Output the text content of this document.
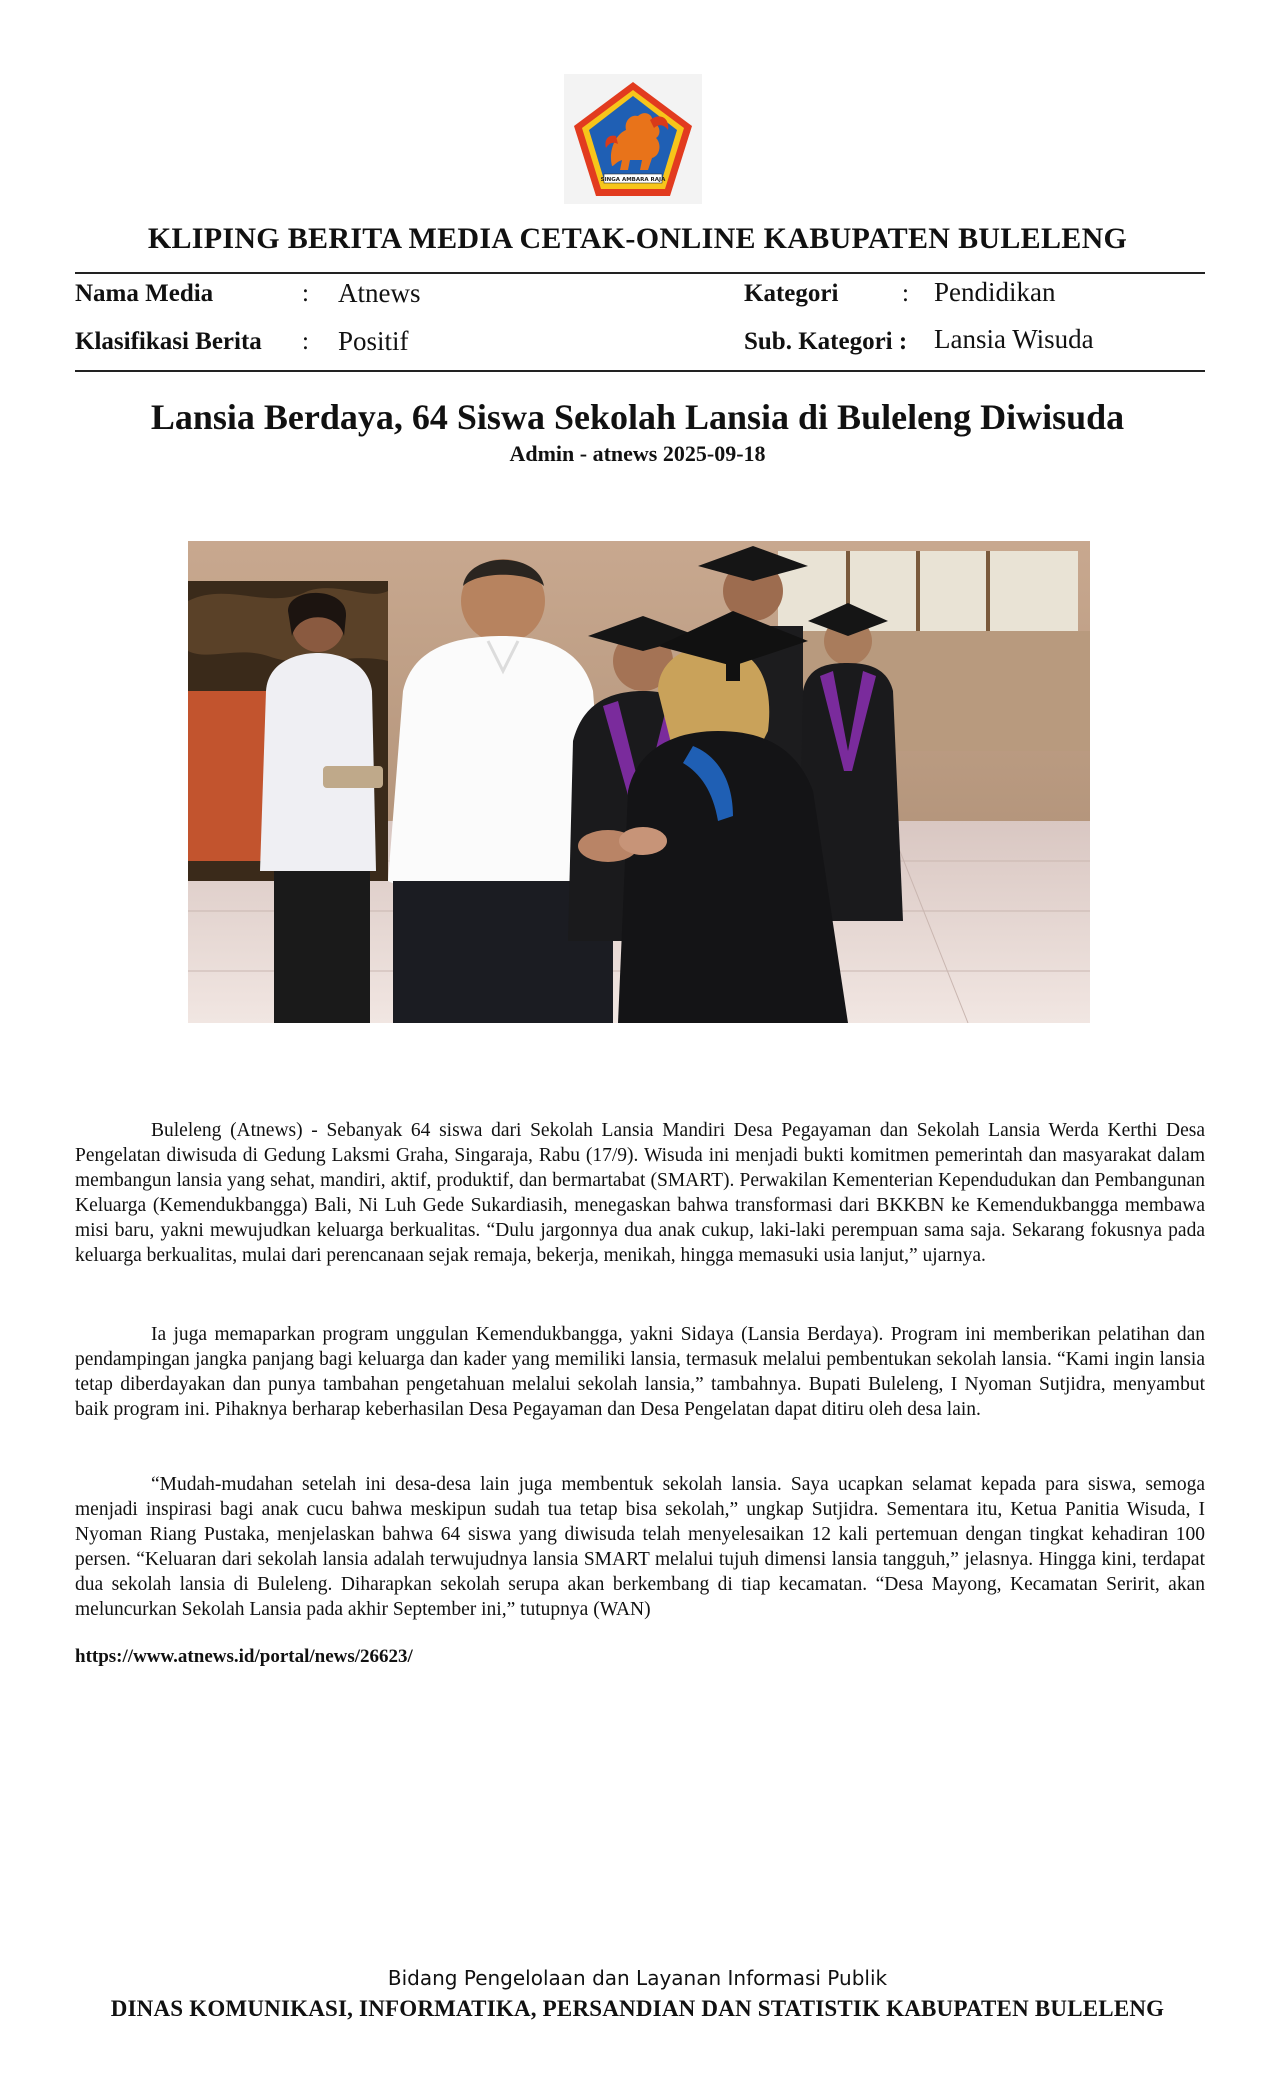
SINGA AMBARA RAJA
KLIPING BERITA MEDIA CETAK-ONLINE KABUPATEN BULELENG
Nama Media	: Atnews	Kategori	: Pendidikan
Klasifikasi Berita : Positif	Sub. Kategori : Lansia Wisuda
Lansia Berdaya, 64 Siswa Sekolah Lansia di Buleleng Diwisuda
Admin - atnews 2025-09-18

Buleleng (Atnews) - Sebanyak 64 siswa dari Sekolah Lansia Mandiri Desa Pegayaman dan Sekolah Lansia Werda Kerthi Desa Pengelatan diwisuda di Gedung Laksmi Graha, Singaraja, Rabu (17/9). Wisuda ini menjadi bukti komitmen pemerintah dan masyarakat dalam membangun lansia yang sehat, mandiri, aktif, produktif, dan bermartabat (SMART). Perwakilan Kementerian Kependudukan dan Pembangunan Keluarga (Kemendukbangga) Bali, Ni Luh Gede Sukardiasih, menegaskan bahwa transformasi dari BKKBN ke Kemendukbangga membawa misi baru, yakni mewujudkan keluarga berkualitas. “Dulu jargonnya dua anak cukup, laki-laki perempuan sama saja. Sekarang fokusnya pada keluarga berkualitas, mulai dari perencanaan sejak remaja, bekerja, menikah, hingga memasuki usia lanjut,” ujarnya.

Ia juga memaparkan program unggulan Kemendukbangga, yakni Sidaya (Lansia Berdaya). Program ini memberikan pelatihan dan pendampingan jangka panjang bagi keluarga dan kader yang memiliki lansia, termasuk melalui pembentukan sekolah lansia. “Kami ingin lansia tetap diberdayakan dan punya tambahan pengetahuan melalui sekolah lansia,” tambahnya. Bupati Buleleng, I Nyoman Sutjidra, menyambut baik program ini. Pihaknya berharap keberhasilan Desa Pegayaman dan Desa Pengelatan dapat ditiru oleh desa lain.

“Mudah-mudahan setelah ini desa-desa lain juga membentuk sekolah lansia. Saya ucapkan selamat kepada para siswa, semoga menjadi inspirasi bagi anak cucu bahwa meskipun sudah tua tetap bisa sekolah,” ungkap Sutjidra. Sementara itu, Ketua Panitia Wisuda, I Nyoman Riang Pustaka, menjelaskan bahwa 64 siswa yang diwisuda telah menyelesaikan 12 kali pertemuan dengan tingkat kehadiran 100 persen. “Keluaran dari sekolah lansia adalah terwujudnya lansia SMART melalui tujuh dimensi lansia tangguh,” jelasnya. Hingga kini, terdapat dua sekolah lansia di Buleleng. Diharapkan sekolah serupa akan berkembang di tiap kecamatan. “Desa Mayong, Kecamatan Seririt, akan meluncurkan Sekolah Lansia pada akhir September ini,” tutupnya (WAN)

https://www.atnews.id/portal/news/26623/
Bidang Pengelolaan dan Layanan Informasi Publik
DINAS KOMUNIKASI, INFORMATIKA, PERSANDIAN DAN STATISTIK KABUPATEN BULELENG
